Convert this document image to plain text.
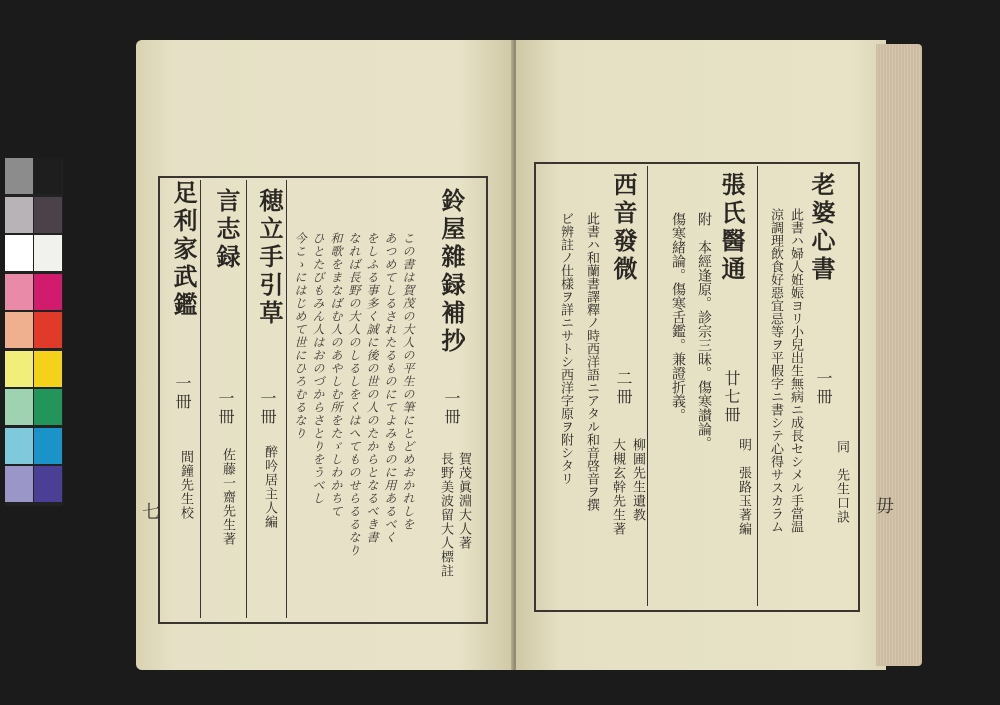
鈴屋雜録補抄
一冊
賀茂眞淵大人著
長野美波留大人標註
この書は賀茂の大人の平生の筆にとどめおかれしを
あつめてしるされたるものにてよみものに用あるべく
をしふる事多く誠に後の世の人のたからとなるべき書
なれば長野の大人のしるしをくはへてものせらるるなり
和歌をまなばむ人のあやしむ所をたゞしわかちて
ひとたびもみん人はおのづからさとりをうべし
今こゝにはじめて世にひろむるなり
穂立手引草
一冊
醉吟居主人編
言志録
一冊
佐藤一齋先生著
足利家武鑑
一冊
間鐘先生校
七
老婆心書
一冊
同　先生口訣
此書ハ婦人姙娠ヨリ小兒出生無病ニ成長セシメル手當温
涼調理飲食好惡宜忌等ヲ平假字ニ書シテ心得サスカラム
張氏醫通
廿七冊
明　張路玉著編
附　本經逢原。診宗三昧。傷寒讃論。
傷寒緒論。傷寒舌鑑。兼證折義。
西音發微
二冊
柳圃先生遺教
大槻玄幹先生著
此書ハ和蘭書譯釋ノ時西洋語ニアタル和音啓音ヲ撰
ビ辨註ノ仕樣ヲ詳ニサトシ西洋字原ヲ附シタリ
毋
